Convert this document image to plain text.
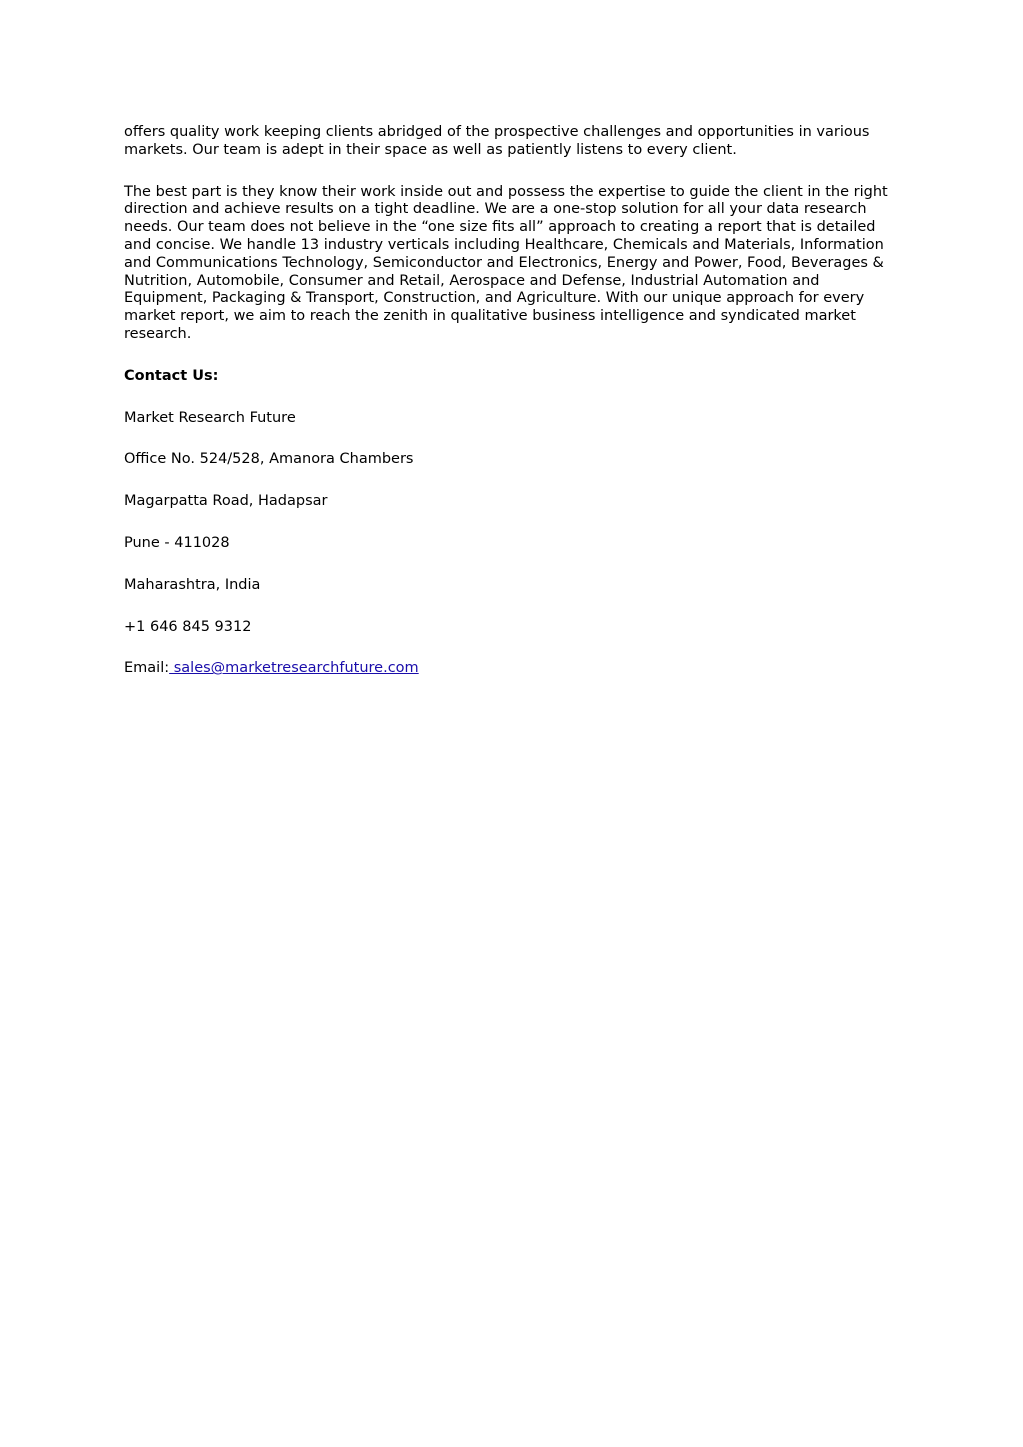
offers quality work keeping clients abridged of the prospective challenges and opportunities in various markets. Our team is adept in their space as well as patiently listens to every client.

The best part is they know their work inside out and possess the expertise to guide the client in the right direction and achieve results on a tight deadline. We are a one-stop solution for all your data research needs. Our team does not believe in the “one size fits all” approach to creating a report that is detailed and concise. We handle 13 industry verticals including Healthcare, Chemicals and Materials, Information and Communications Technology, Semiconductor and Electronics, Energy and Power, Food, Beverages & Nutrition, Automobile, Consumer and Retail, Aerospace and Defense, Industrial Automation and Equipment, Packaging & Transport, Construction, and Agriculture. With our unique approach for every market report, we aim to reach the zenith in qualitative business intelligence and syndicated market research.

Contact Us:

Market Research Future

Office No. 524/528, Amanora Chambers

Magarpatta Road, Hadapsar

Pune - 411028

Maharashtra, India

+1 646 845 9312

Email: sales@marketresearchfuture.com
